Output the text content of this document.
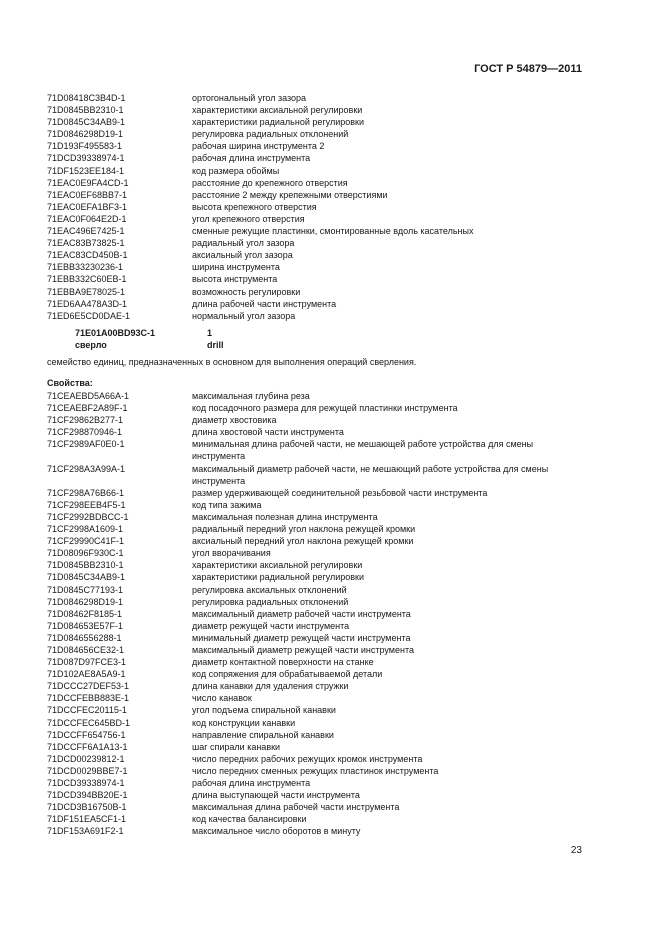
ГОСТ Р 54879—2011
71D08418C3B4D-1	ортогональный угол зазора
71D0845BB2310-1	характеристики аксиальной регулировки
71D0845C34AB9-1	характеристики радиальной регулировки
71D0846298D19-1	регулировка радиальных отклонений
71D193F495583-1	рабочая ширина инструмента 2
71DCD39338974-1	рабочая длина инструмента
71DF1523EE184-1	код размера обоймы
71EAC0E9FA4CD-1	расстояние до крепежного отверстия
71EAC0EF68BB7-1	расстояние 2 между крепежными отверстиями
71EAC0EFA1BF3-1	высота крепежного отверстия
71EAC0F064E2D-1	угол крепежного отверстия
71EAC496E7425-1	сменные режущие пластинки, смонтированные вдоль касательных
71EAC83B73825-1	радиальный угол зазора
71EAC83CD450B-1	аксиальный угол зазора
71EBB33230236-1	ширина инструмента
71EBB332C60EB-1	высота инструмента
71EBBA9E78025-1	возможность регулировки
71ED6AA478A3D-1	длина рабочей части инструмента
71ED6E5CD0DAE-1	нормальный угол зазора
71E01A00BD93C-1	1
сверло	drill
семейство единиц, предназначенных в основном для выполнения операций сверления.
Свойства:
71CEAEBD5A66A-1	максимальная глубина реза
71CEAEBF2A89F-1	код посадочного размера для режущей пластинки инструмента
71CF29862B277-1	диаметр хвостовика
71CF298870946-1	длина хвостовой части инструмента
71CF2989AF0E0-1	минимальная длина рабочей части, не мешающей работе устройства для смены инструмента
71CF298A3A99A-1	максимальный диаметр рабочей части, не мешающий работе устройства для смены инструмента
71CF298A76B66-1	размер удерживающей соединительной резьбовой части инструмента
71CF298EEB4F5-1	код типа зажима
71CF2992BDBCC-1	максимальная полезная длина инструмента
71CF2998A1609-1	радиальный передний угол наклона режущей кромки
71CF29990C41F-1	аксиальный передний угол наклона режущей кромки
71D08096F930C-1	угол вворачивания
71D0845BB2310-1	характеристики аксиальной регулировки
71D0845C34AB9-1	характеристики радиальной регулировки
71D0845C77193-1	регулировка аксиальных отклонений
71D0846298D19-1	регулировка радиальных отклонений
71D08462F8185-1	максимальный диаметр рабочей части инструмента
71D084653E57F-1	диаметр режущей части инструмента
71D0846556288-1	минимальный диаметр режущей части инструмента
71D084656CE32-1	максимальный диаметр режущей части инструмента
71D087D97FCE3-1	диаметр контактной поверхности на станке
71D102AE8A5A9-1	код сопряжения для обрабатываемой детали
71DCCC27DEF53-1	длина канавки для удаления стружки
71DCCFEBB883E-1	число канавок
71DCCFEC20115-1	угол подъема спиральной канавки
71DCCFEC645BD-1	код конструкции канавки
71DCCFF654756-1	направление спиральной канавки
71DCCFF6A1A13-1	шаг спирали канавки
71DCD00239812-1	число передних рабочих режущих кромок инструмента
71DCD0029BBE7-1	число передних сменных режущих пластинок инструмента
71DCD39338974-1	рабочая длина инструмента
71DCD394BB20E-1	длина выступающей части инструмента
71DCD3B16750B-1	максимальная длина рабочей части инструмента
71DF151EA5CF1-1	код качества балансировки
71DF153A691F2-1	максимальное число оборотов в минуту
23
